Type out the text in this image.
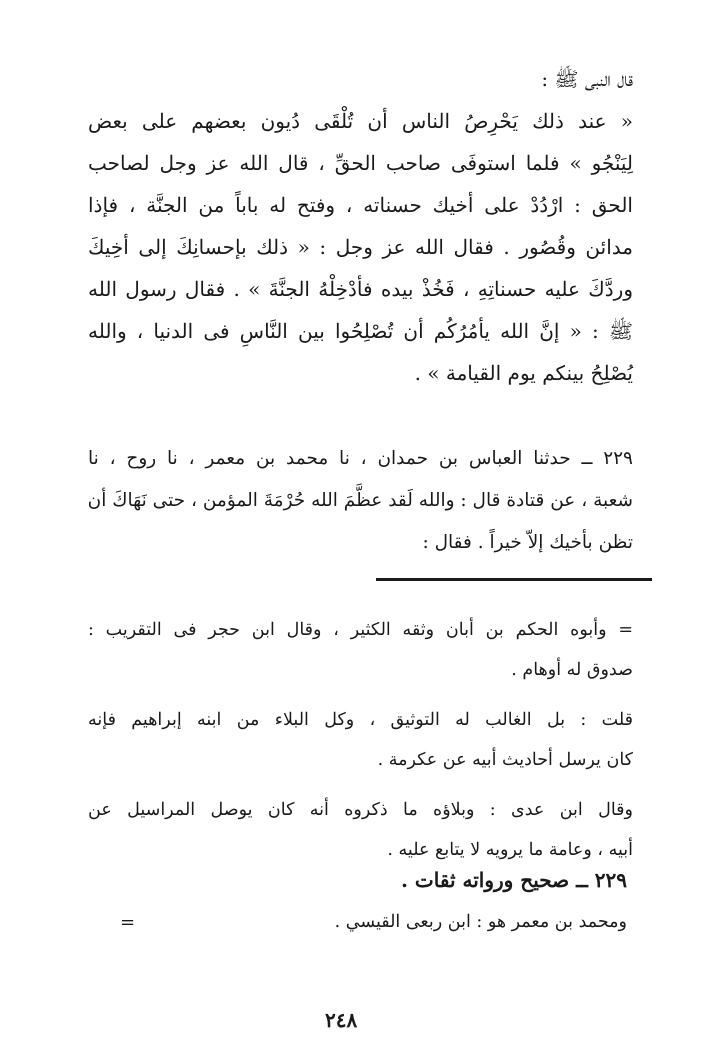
قال النبى ﷺ :
« عند ذلك يَحْرِصُ الناس أن تُلْقَى دُيون بعضهم على بعض
لِيَنْجُو » فلما استوفَى صاحب الحقِّ ، قال الله عز وجل لصاحب
الحق : ارْدُدْ على أخيك حسناته ، وفتح له باباً من الجنَّة ، فإذا
مدائن وقُصُور . فقال الله عز وجل : « ذلك بإحسانِكَ إلى أخِيكَ
وردَّكَ عليه حسناتِهِ ، فَخُذْ بيده فأدْخِلْهُ الجنَّةَ » . فقال رسول الله
ﷺ : « إنَّ الله يأمُرُكُم أن تُصْلِحُوا بين النَّاسِ فى الدنيا ، والله
يُصْلِحُ بينكم يوم القيامة » .
٢٢٩ ــ حدثنا العباس بن حمدان ، نا محمد بن معمر ، نا روح ، نا
شعبة ، عن قتادة قال : والله لَقد عظَّمَ الله حُرْمَةَ المؤمن ، حتى نَهَاكَ أن
تظن بأخيك إلاّ خيراً . فقال :
= وأبوه الحكم بن أبان وثقه الكثير ، وقال ابن حجر فى التقريب :
صدوق له أوهام .
قلت : بل الغالب له التوثيق ، وكل البلاء من ابنه إبراهيم فإنه
كان يرسل أحاديث أبيه عن عكرمة .
وقال ابن عدى : وبلاؤه ما ذكروه أنه كان يوصل المراسيل عن
أبيه ، وعامة ما يرويه لا يتابع عليه .
٢٢٩ ــ صحيح ورواته ثقات .
ومحمد بن معمر هو : ابن ربعى القيسي .
=
٢٤٨
